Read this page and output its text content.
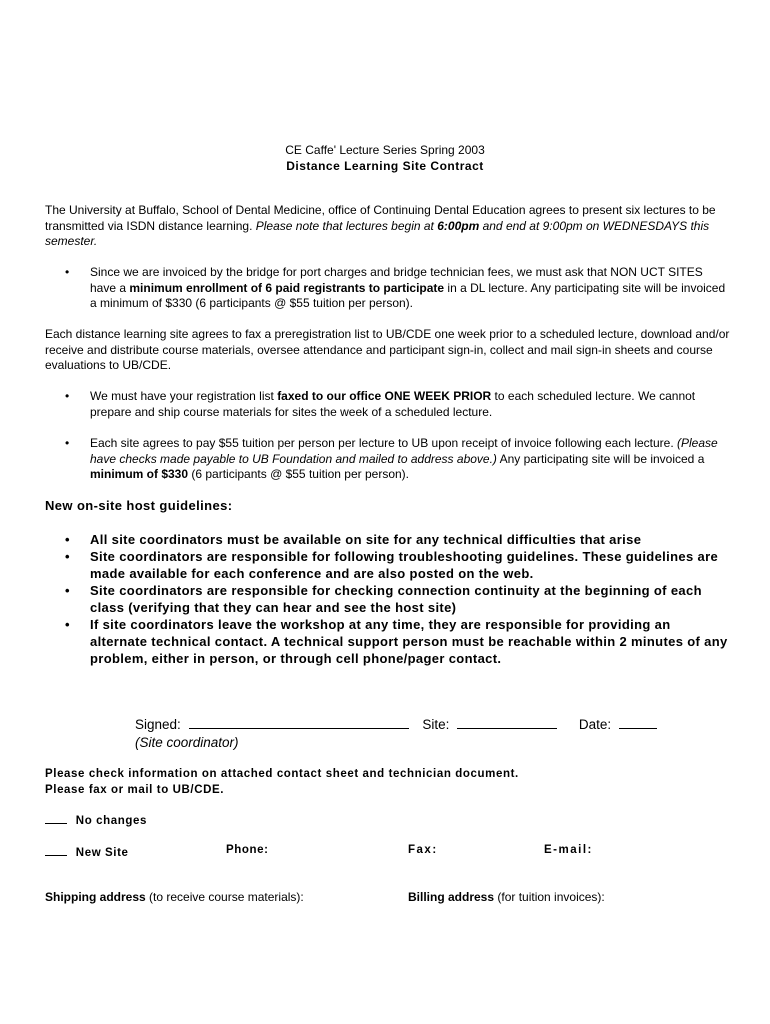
CE Caffe' Lecture Series Spring 2003
Distance Learning Site Contract
The University at Buffalo, School of Dental Medicine, office of Continuing Dental Education agrees to present six lectures to be transmitted via ISDN distance learning. Please note that lectures begin at 6:00pm and end at 9:00pm on WEDNESDAYS this semester.
• Since we are invoiced by the bridge for port charges and bridge technician fees, we must ask that NON UCT SITES have a minimum enrollment of 6 paid registrants to participate in a DL lecture. Any participating site will be invoiced a minimum of $330 (6 participants @ $55 tuition per person).
Each distance learning site agrees to fax a preregistration list to UB/CDE one week prior to a scheduled lecture, download and/or receive and distribute course materials, oversee attendance and participant sign-in, collect and mail sign-in sheets and course evaluations to UB/CDE.
• We must have your registration list faxed to our office ONE WEEK PRIOR to each scheduled lecture. We cannot prepare and ship course materials for sites the week of a scheduled lecture.
• Each site agrees to pay $55 tuition per person per lecture to UB upon receipt of invoice following each lecture. (Please have checks made payable to UB Foundation and mailed to address above.) Any participating site will be invoiced a minimum of $330 (6 participants @ $55 tuition per person).
New on-site host guidelines:
• All site coordinators must be available on site for any technical difficulties that arise
• Site coordinators are responsible for following troubleshooting guidelines. These guidelines are made available for each conference and are also posted on the web.
• Site coordinators are responsible for checking connection continuity at the beginning of each class (verifying that they can hear and see the host site)
• If site coordinators leave the workshop at any time, they are responsible for providing an alternate technical contact. A technical support person must be reachable within 2 minutes of any problem, either in person, or through cell phone/pager contact.
Signed:	Site:	Date:
(Site coordinator)
Please check information on attached contact sheet and technician document.
Please fax or mail to UB/CDE.
No changes
New Site	Phone:	Fax:	E-mail:
Shipping address (to receive course materials):	Billing address (for tuition invoices):
